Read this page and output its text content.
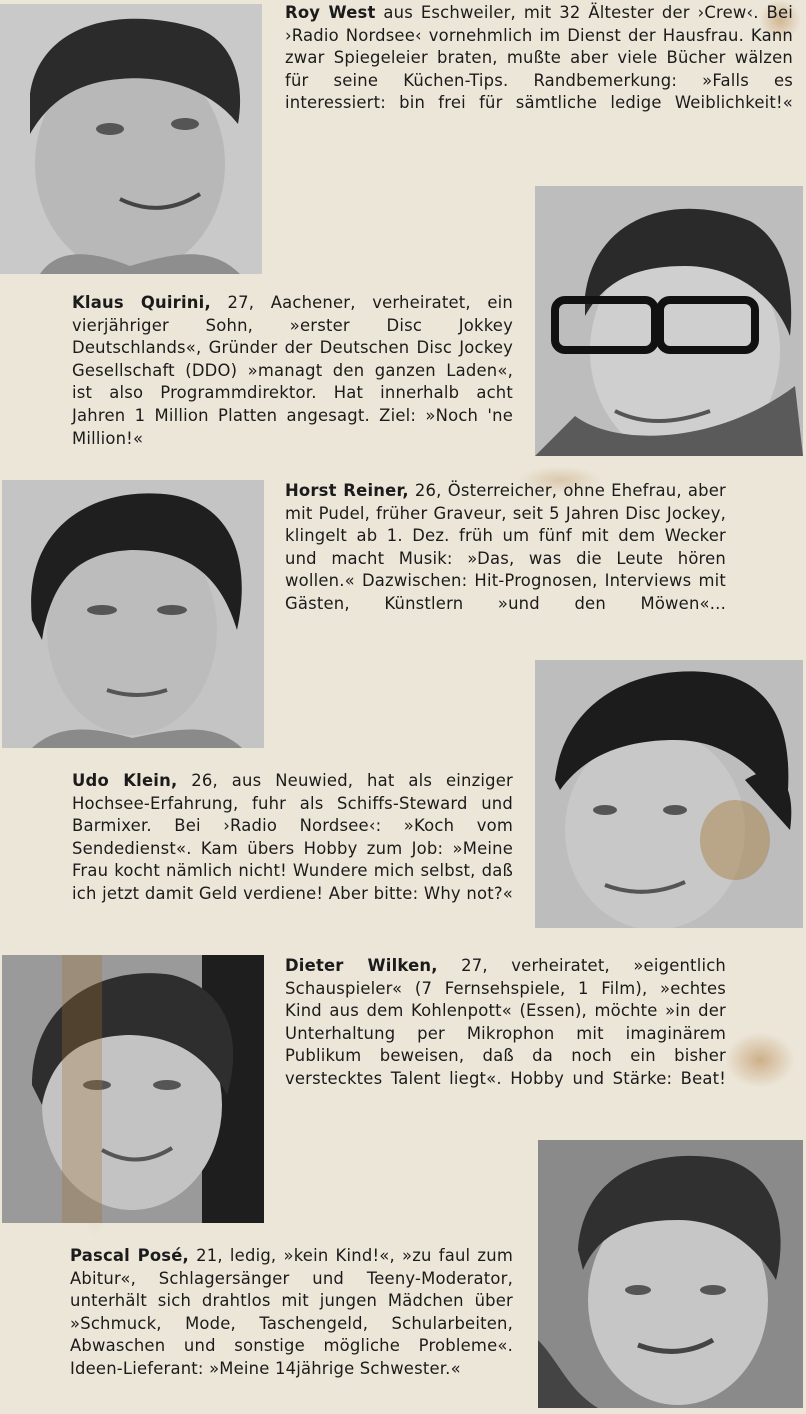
Roy West aus Eschweiler, mit 32 Ältester der ›Crew‹. Bei ›Radio Nordsee‹ vornehmlich im Dienst der Hausfrau. Kann zwar Spiegeleier braten, mußte aber viele Bücher wälzen für seine Küchen-Tips. Randbemerkung: »Falls es interessiert: bin frei für sämtliche ledige Weiblichkeit!«
Klaus Quirini, 27, Aachener, verheiratet, ein vierjähriger Sohn, »erster Disc Jokkey Deutschlands«, Gründer der Deutschen Disc Jockey Gesellschaft (DDO) »managt den ganzen Laden«, ist also Programmdirektor. Hat innerhalb acht Jahren 1 Million Platten angesagt. Ziel: »Noch 'ne Million!«
Horst Reiner, 26, Österreicher, ohne Ehefrau, aber mit Pudel, früher Graveur, seit 5 Jahren Disc Jockey, klingelt ab 1. Dez. früh um fünf mit dem Wecker und macht Musik: »Das, was die Leute hören wollen.« Dazwischen: Hit-Prognosen, Interviews mit Gästen, Künstlern »und den Möwen«...
Udo Klein, 26, aus Neuwied, hat als einziger Hochsee-Erfahrung, fuhr als Schiffs-Steward und Barmixer. Bei ›Radio Nordsee‹: »Koch vom Sendedienst«. Kam übers Hobby zum Job: »Meine Frau kocht nämlich nicht! Wundere mich selbst, daß ich jetzt damit Geld verdiene! Aber bitte: Why not?«
Dieter Wilken, 27, verheiratet, »eigentlich Schauspieler« (7 Fernsehspiele, 1 Film), »echtes Kind aus dem Kohlenpott« (Essen), möchte »in der Unterhaltung per Mikrophon mit imaginärem Publikum beweisen, daß da noch ein bisher verstecktes Talent liegt«. Hobby und Stärke: Beat!
Pascal Posé, 21, ledig, »kein Kind!«, »zu faul zum Abitur«, Schlagersänger und Teeny-Moderator, unterhält sich drahtlos mit jungen Mädchen über »Schmuck, Mode, Taschengeld, Schularbeiten, Abwaschen und sonstige mögliche Probleme«. Ideen-Lieferant: »Meine 14jährige Schwester.«
